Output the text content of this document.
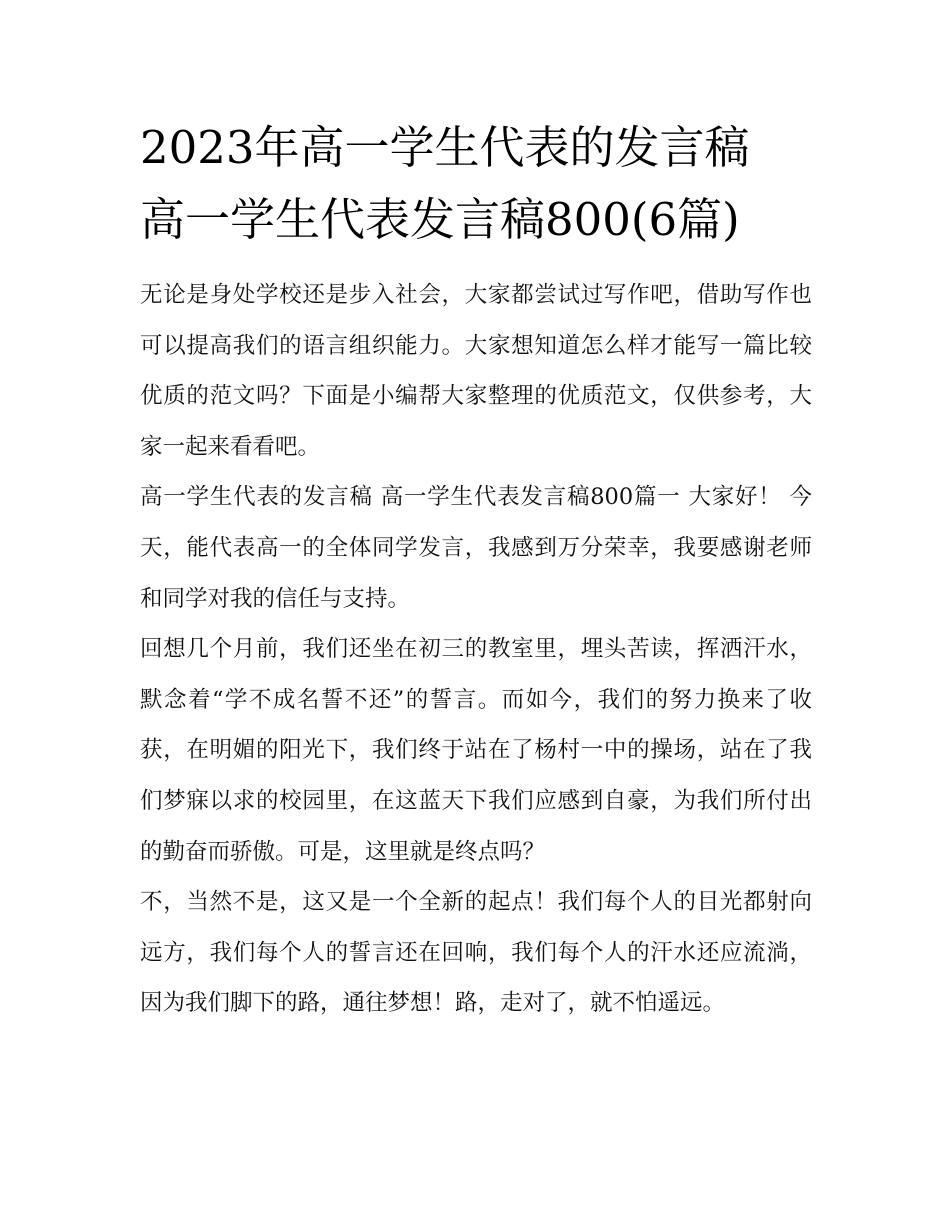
2023年高一学生代表的发言稿
高一学生代表发言稿800(6篇)

无论是身处学校还是步入社会，大家都尝试过写作吧，借助写作也可以提高我们的语言组织能力。大家想知道怎么样才能写一篇比较优质的范文吗？下面是小编帮大家整理的优质范文，仅供参考，大家一起来看看吧。

高一学生代表的发言稿 高一学生代表发言稿800篇一 大家好！ 今天，能代表高一的全体同学发言，我感到万分荣幸，我要感谢老师和同学对我的信任与支持。

回想几个月前，我们还坐在初三的教室里，埋头苦读，挥洒汗水，默念着“学不成名誓不还”的誓言。而如今，我们的努力换来了收获，在明媚的阳光下，我们终于站在了杨村一中的操场，站在了我们梦寐以求的校园里，在这蓝天下我们应感到自豪，为我们所付出的勤奋而骄傲。可是，这里就是终点吗？

不，当然不是，这又是一个全新的起点！我们每个人的目光都射向远方，我们每个人的誓言还在回响，我们每个人的汗水还应流淌，因为我们脚下的路，通往梦想！路，走对了，就不怕遥远。
